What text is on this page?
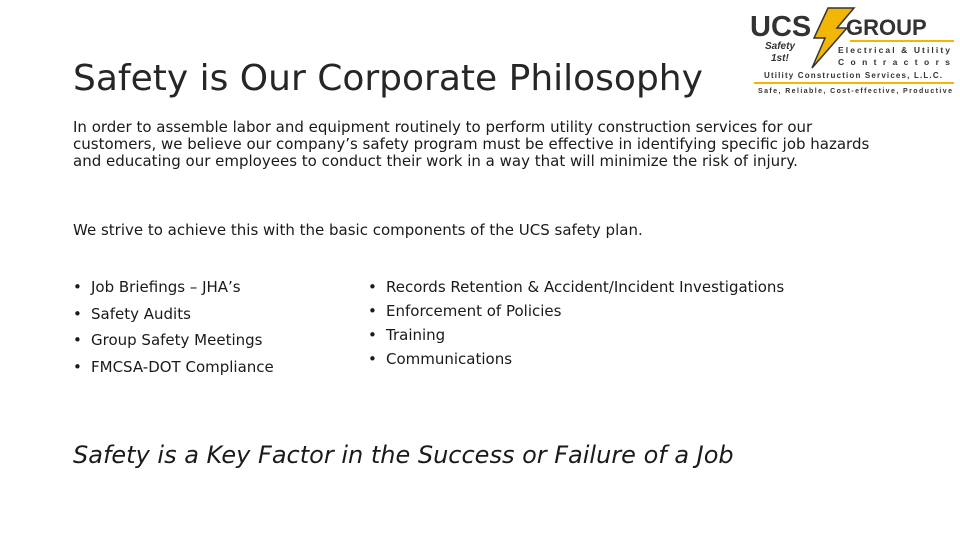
Safety is Our Corporate Philosophy
UCS GROUP
Safety
1st!
Electrical & Utility
Contractors
Utility Construction Services, L.L.C.
Safe, Reliable, Cost-effective, Productive

In order to assemble labor and equipment routinely to perform utility construction services for our customers, we believe our company’s safety program must be effective in identifying specific job hazards and educating our employees to conduct their work in a way that will minimize the risk of injury.

We strive to achieve this with the basic components of the UCS safety plan.

• Job Briefings – JHA’s
• Safety Audits
• Group Safety Meetings
• FMCSA-DOT Compliance
• Records Retention & Accident/Incident Investigations
• Enforcement of Policies
• Training
• Communications

Safety is a Key Factor in the Success or Failure of a Job
